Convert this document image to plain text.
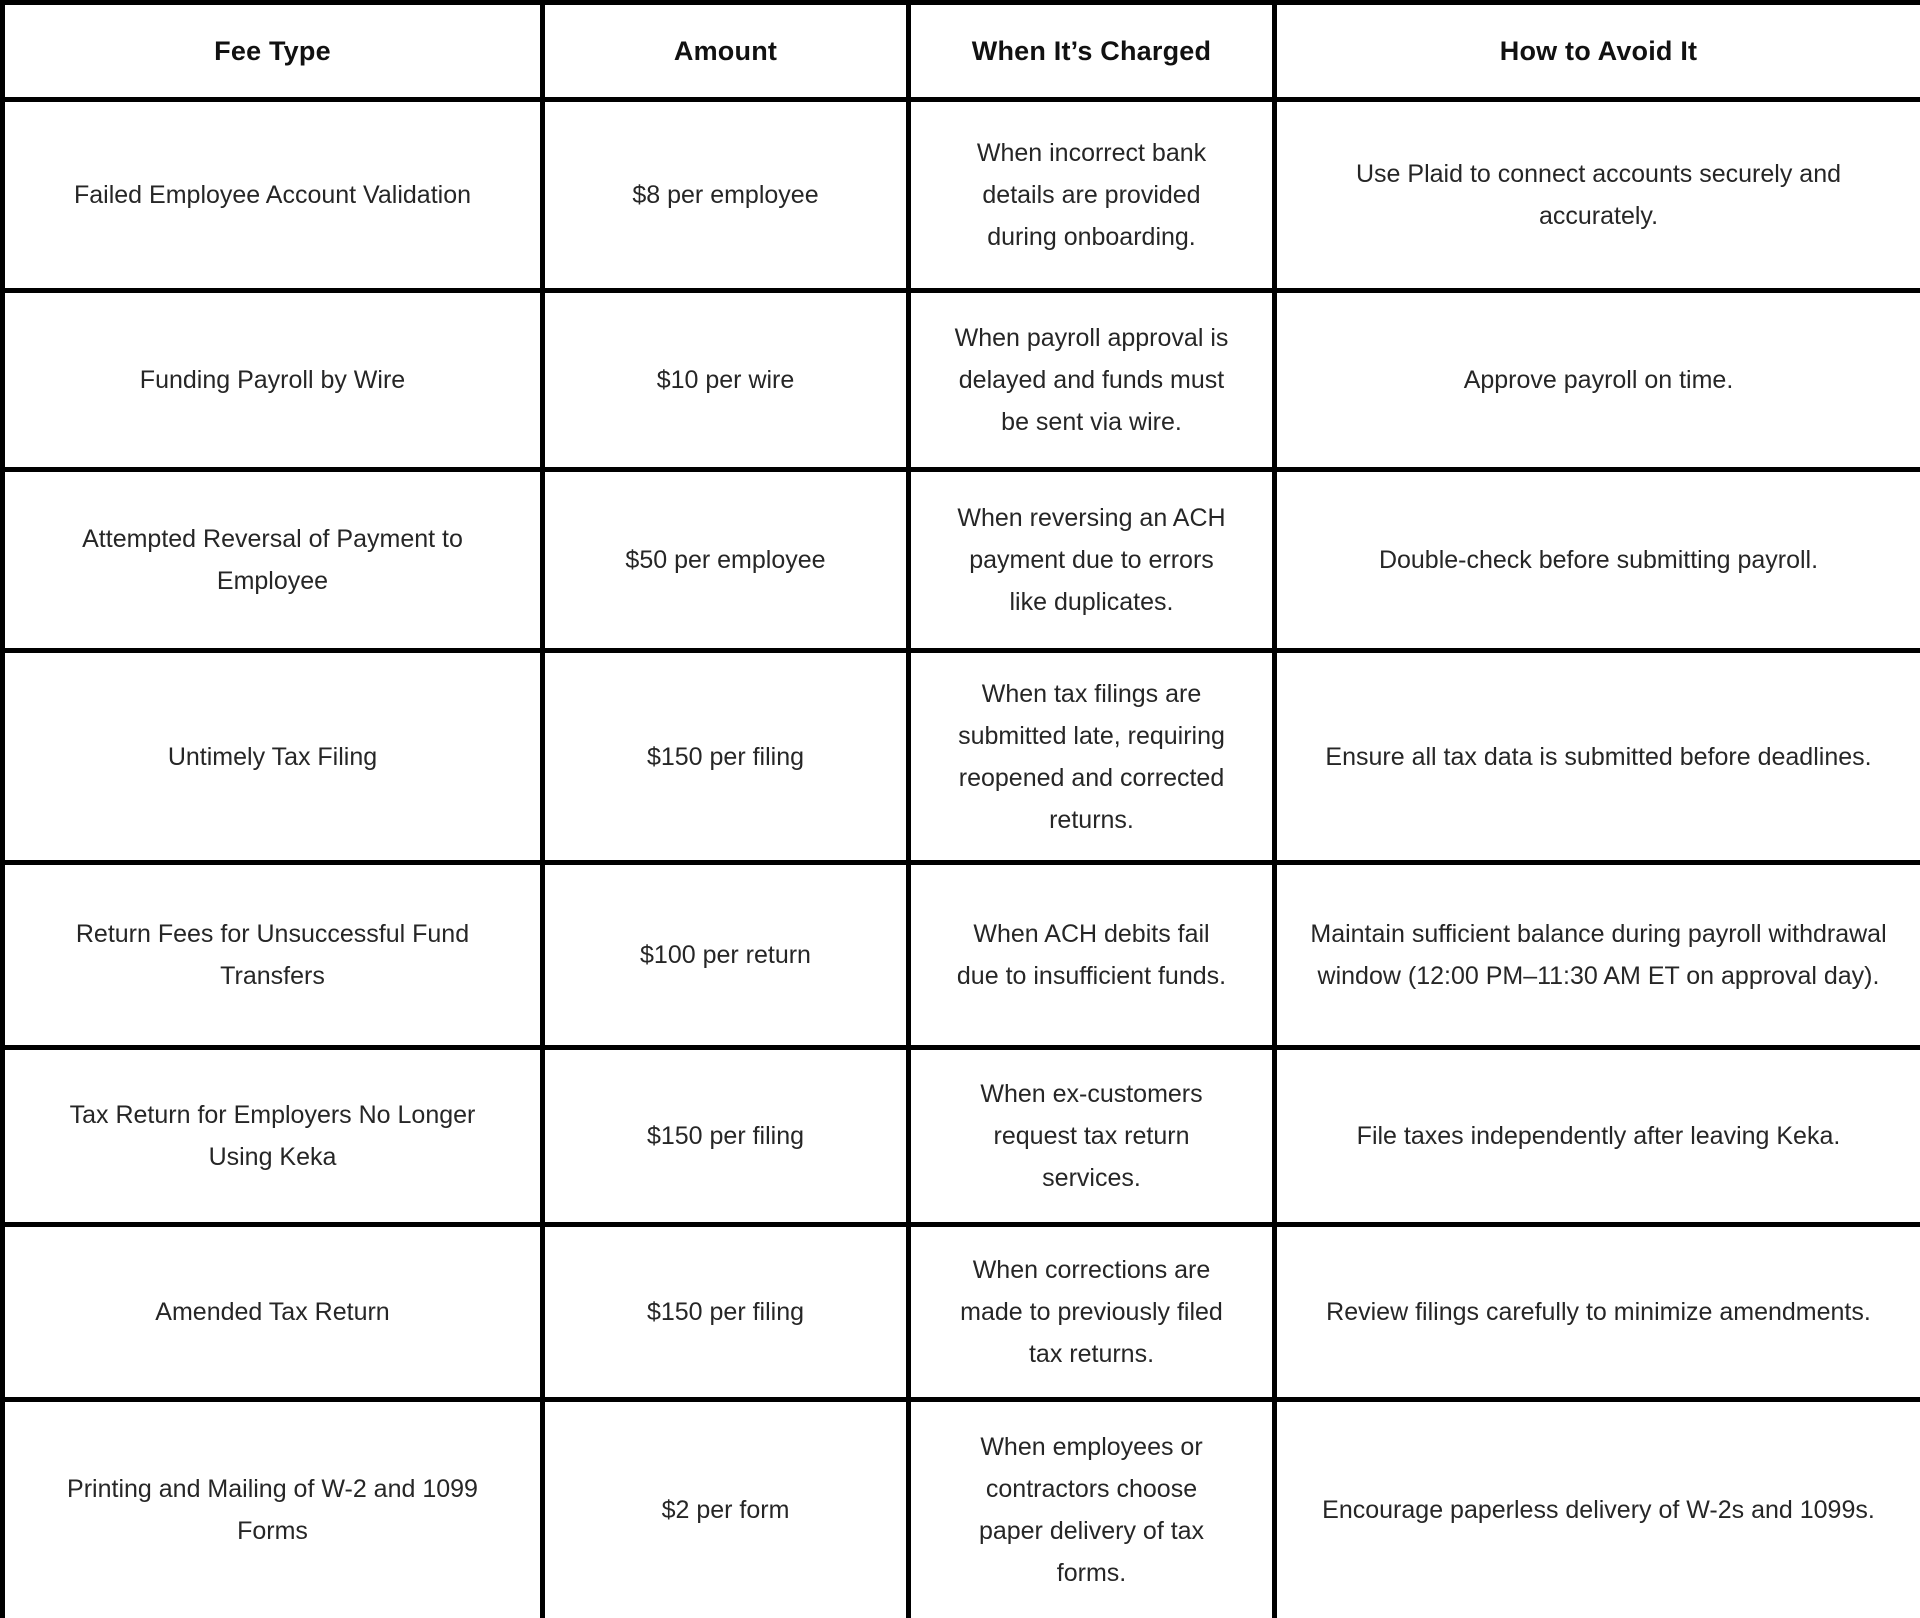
Fee Type	Amount	When It’s Charged	How to Avoid It
Failed Employee Account Validation	$8 per employee	When incorrect bank details are provided during onboarding.	Use Plaid to connect accounts securely and accurately.
Funding Payroll by Wire	$10 per wire	When payroll approval is delayed and funds must be sent via wire.	Approve payroll on time.
Attempted Reversal of Payment to Employee	$50 per employee	When reversing an ACH payment due to errors like duplicates.	Double-check before submitting payroll.
Untimely Tax Filing	$150 per filing	When tax filings are submitted late, requiring reopened and corrected returns.	Ensure all tax data is submitted before deadlines.
Return Fees for Unsuccessful Fund Transfers	$100 per return	When ACH debits fail due to insufficient funds.	Maintain sufficient balance during payroll withdrawal window (12:00 PM–11:30 AM ET on approval day).
Tax Return for Employers No Longer Using Keka	$150 per filing	When ex-customers request tax return services.	File taxes independently after leaving Keka.
Amended Tax Return	$150 per filing	When corrections are made to previously filed tax returns.	Review filings carefully to minimize amendments.
Printing and Mailing of W-2 and 1099 Forms	$2 per form	When employees or contractors choose paper delivery of tax forms.	Encourage paperless delivery of W-2s and 1099s.
